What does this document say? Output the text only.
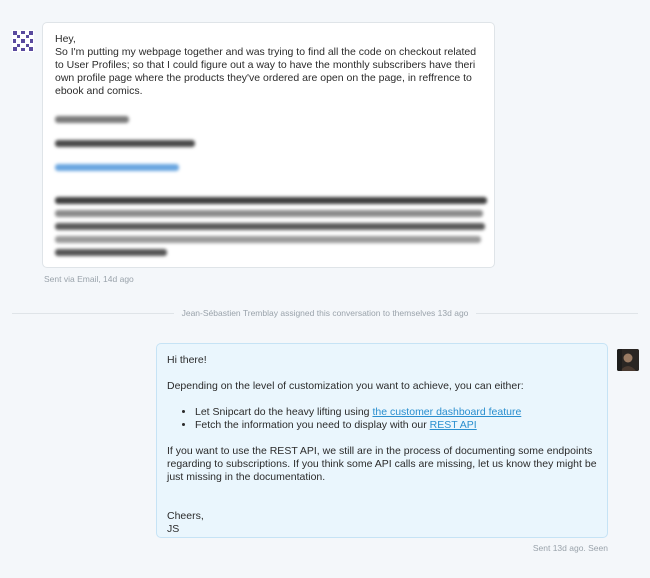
Hey,

So I'm putting my webpage together and was trying to find all the code on checkout related to User Profiles; so that I could figure out a way to have the monthly subscribers have theri own profile page where the products they've ordered are open on the page, in reffrence to ebook and comics.

Sent via Email, 14d ago
Jean-Sébastien Tremblay assigned this conversation to themselves 13d ago

Hi there!

Depending on the level of customization you want to achieve, you can either:

• Let Snipcart do the heavy lifting using the customer dashboard feature
• Fetch the information you need to display with our REST API

If you want to use the REST API, we still are in the process of documenting some endpoints regarding to subscriptions. If you think some API calls are missing, let us know they might be just missing in the documentation.

Cheers,

JS

Sent 13d ago. Seen
